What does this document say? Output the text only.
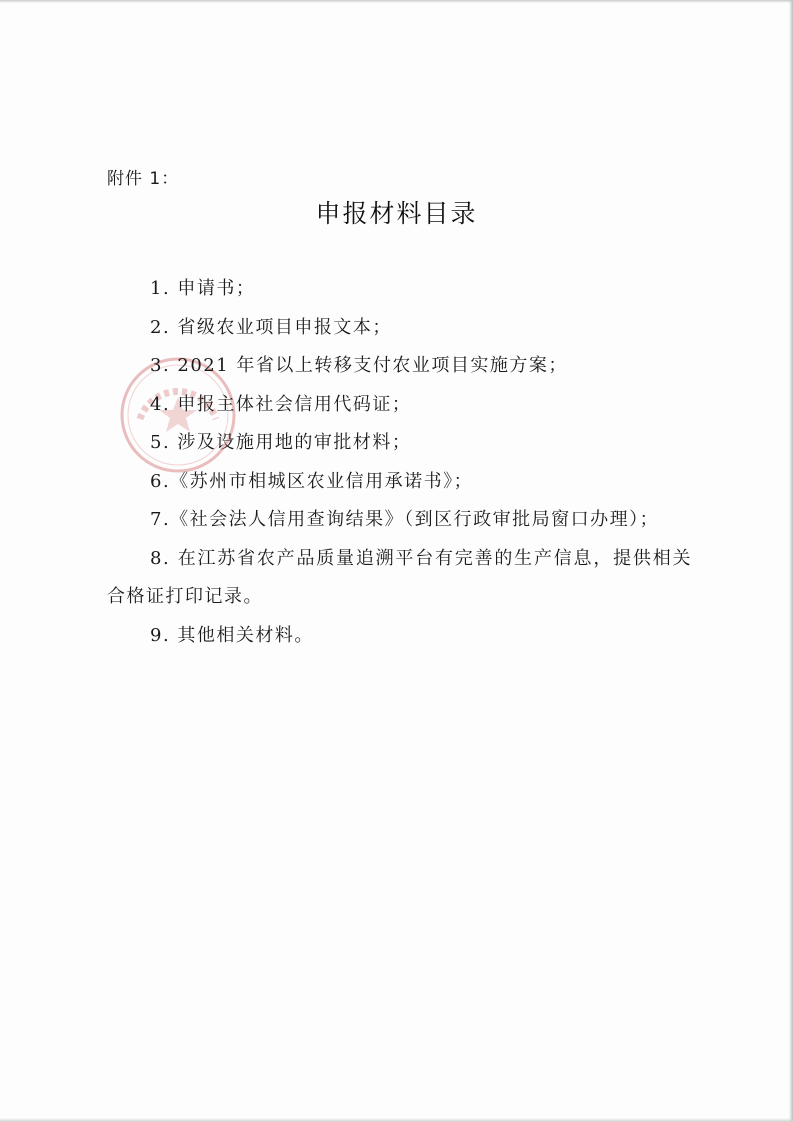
附件 1：
申报材料目录

1. 申请书；

2. 省级农业项目申报文本；

3. 2021 年省以上转移支付农业项目实施方案；

4. 申报主体社会信用代码证；

5. 涉及设施用地的审批材料；

6.《苏州市相城区农业信用承诺书》；

7.《社会法人信用查询结果》（到区行政审批局窗口办理）；

8. 在江苏省农产品质量追溯平台有完善的生产信息，提供相关合格证打印记录。

9. 其他相关材料。
